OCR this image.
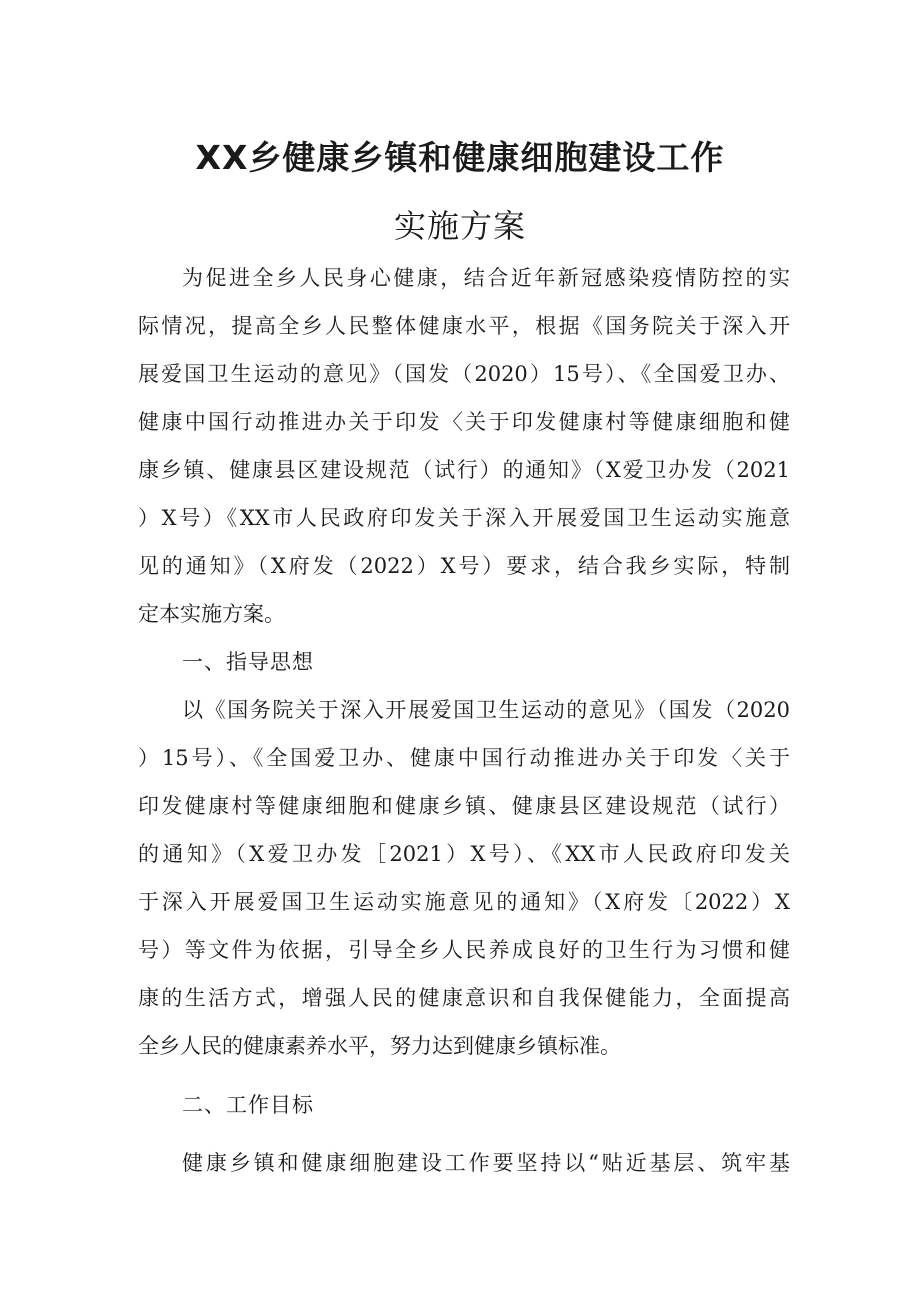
XX乡健康乡镇和健康细胞建设工作
实施方案
为促进全乡人民身心健康，结合近年新冠感染疫情防控的实
际情况，提高全乡人民整体健康水平，根据《国务院关于深入开
展爱国卫生运动的意见》（国发（2020）15号）、《全国爱卫办、
健康中国行动推进办关于印发〈关于印发健康村等健康细胞和健
康乡镇、健康县区建设规范（试行）的通知》（X爱卫办发（2021
）X号）《XX市人民政府印发关于深入开展爱国卫生运动实施意
见的通知》（X府发（2022）X号）要求，结合我乡实际，特制
定本实施方案。
一、指导思想
以《国务院关于深入开展爱国卫生运动的意见》（国发（2020
）15号）、《全国爱卫办、健康中国行动推进办关于印发〈关于
印发健康村等健康细胞和健康乡镇、健康县区建设规范（试行）
的通知》（X爱卫办发［2021）X号）、《XX市人民政府印发关
于深入开展爱国卫生运动实施意见的通知》（X府发〔2022）X
号）等文件为依据，引导全乡人民养成良好的卫生行为习惯和健
康的生活方式，增强人民的健康意识和自我保健能力，全面提高
全乡人民的健康素养水平，努力达到健康乡镇标准。
二、工作目标
健康乡镇和健康细胞建设工作要坚持以“贴近基层、筑牢基
